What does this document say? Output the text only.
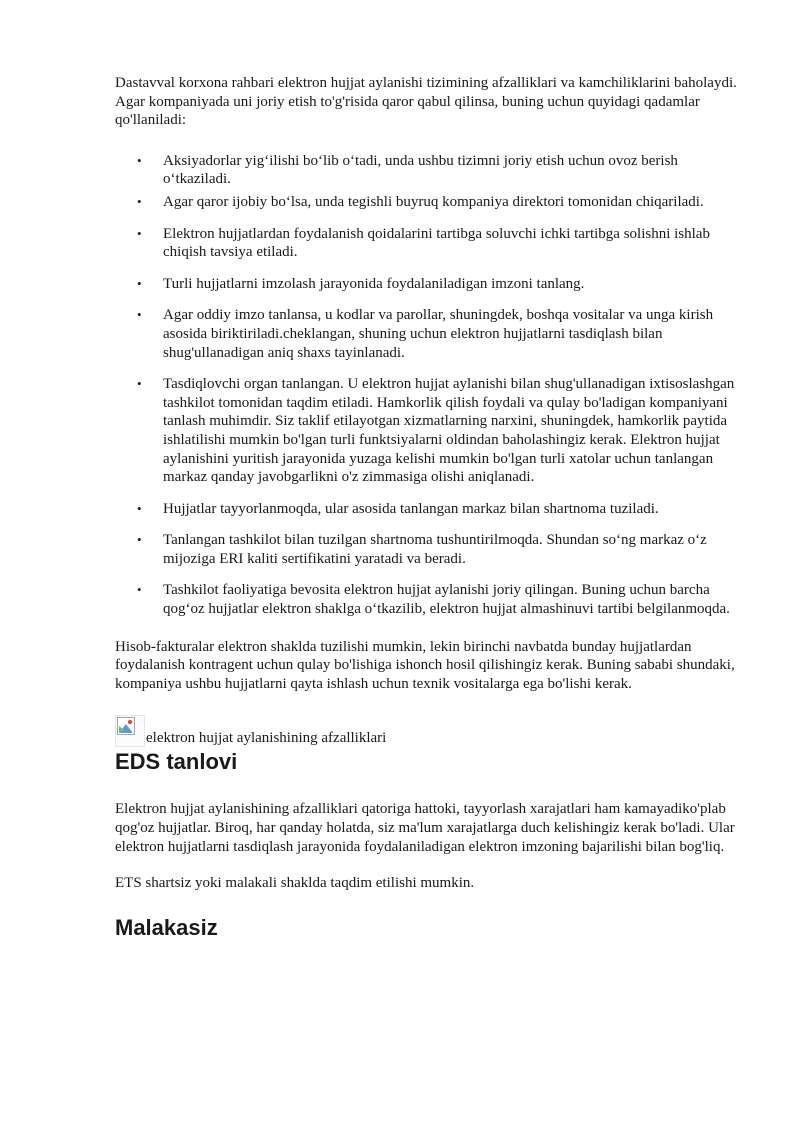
Dastavval korxona rahbari elektron hujjat aylanishi tizimining afzalliklari va kamchiliklarini baholaydi. Agar kompaniyada uni joriy etish to'g'risida qaror qabul qilinsa, buning uchun quyidagi qadamlar qo'llaniladi:

• Aksiyadorlar yig‘ilishi bo‘lib o‘tadi, unda ushbu tizimni joriy etish uchun ovoz berish o‘tkaziladi.
• Agar qaror ijobiy bo‘lsa, unda tegishli buyruq kompaniya direktori tomonidan chiqariladi.
• Elektron hujjatlardan foydalanish qoidalarini tartibga soluvchi ichki tartibga solishni ishlab chiqish tavsiya etiladi.
• Turli hujjatlarni imzolash jarayonida foydalaniladigan imzoni tanlang.
• Agar oddiy imzo tanlansa, u kodlar va parollar, shuningdek, boshqa vositalar va unga kirish asosida biriktiriladi.cheklangan, shuning uchun elektron hujjatlarni tasdiqlash bilan shug'ullanadigan aniq shaxs tayinlanadi.
• Tasdiqlovchi organ tanlangan. U elektron hujjat aylanishi bilan shug'ullanadigan ixtisoslashgan tashkilot tomonidan taqdim etiladi. Hamkorlik qilish foydali va qulay bo'ladigan kompaniyani tanlash muhimdir. Siz taklif etilayotgan xizmatlarning narxini, shuningdek, hamkorlik paytida ishlatilishi mumkin bo'lgan turli funktsiyalarni oldindan baholashingiz kerak. Elektron hujjat aylanishini yuritish jarayonida yuzaga kelishi mumkin bo'lgan turli xatolar uchun tanlangan markaz qanday javobgarlikni o'z zimmasiga olishi aniqlanadi.
• Hujjatlar tayyorlanmoqda, ular asosida tanlangan markaz bilan shartnoma tuziladi.
• Tanlangan tashkilot bilan tuzilgan shartnoma tushuntirilmoqda. Shundan so‘ng markaz o‘z mijoziga ERI kaliti sertifikatini yaratadi va beradi.
• Tashkilot faoliyatiga bevosita elektron hujjat aylanishi joriy qilingan. Buning uchun barcha qog‘oz hujjatlar elektron shaklga o‘tkazilib, elektron hujjat almashinuvi tartibi belgilanmoqda.

Hisob-fakturalar elektron shaklda tuzilishi mumkin, lekin birinchi navbatda bunday hujjatlardan foydalanish kontragent uchun qulay bo'lishiga ishonch hosil qilishingiz kerak. Buning sababi shundaki, kompaniya ushbu hujjatlarni qayta ishlash uchun texnik vositalarga ega bo'lishi kerak.

elektron hujjat aylanishining afzalliklari
EDS tanlovi

Elektron hujjat aylanishining afzalliklari qatoriga hattoki, tayyorlash xarajatlari ham kamayadiko'plab qog'oz hujjatlar. Biroq, har qanday holatda, siz ma'lum xarajatlarga duch kelishingiz kerak bo'ladi. Ular elektron hujjatlarni tasdiqlash jarayonida foydalaniladigan elektron imzoning bajarilishi bilan bog'liq.

ETS shartsiz yoki malakali shaklda taqdim etilishi mumkin.

Malakasiz
